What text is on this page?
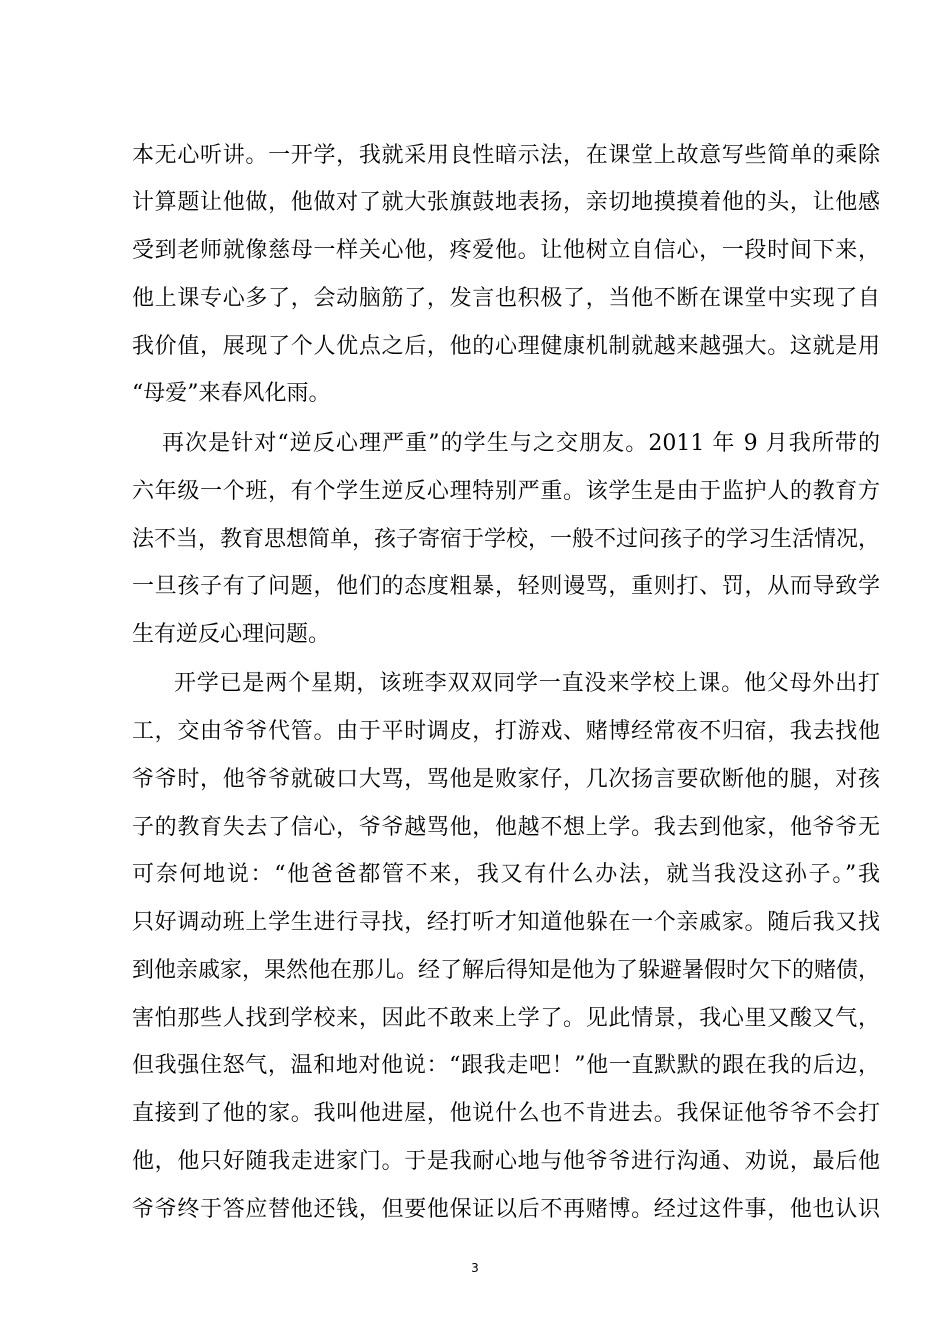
本无心听讲。一开学，我就采用良性暗示法，在课堂上故意写些简单的乘除
计算题让他做，他做对了就大张旗鼓地表扬，亲切地摸摸着他的头，让他感
受到老师就像慈母一样关心他，疼爱他。让他树立自信心，一段时间下来，
他上课专心多了，会动脑筋了，发言也积极了，当他不断在课堂中实现了自
我价值，展现了个人优点之后，他的心理健康机制就越来越强大。这就是用
“母爱”来春风化雨。
再次是针对“逆反心理严重”的学生与之交朋友。2011 年 9 月我所带的
六年级一个班，有个学生逆反心理特别严重。该学生是由于监护人的教育方
法不当，教育思想简单，孩子寄宿于学校，一般不过问孩子的学习生活情况，
一旦孩子有了问题，他们的态度粗暴，轻则谩骂，重则打、罚，从而导致学
生有逆反心理问题。
开学已是两个星期，该班李双双同学一直没来学校上课。他父母外出打
工，交由爷爷代管。由于平时调皮，打游戏、赌博经常夜不归宿，我去找他
爷爷时，他爷爷就破口大骂，骂他是败家仔，几次扬言要砍断他的腿，对孩
子的教育失去了信心，爷爷越骂他，他越不想上学。我去到他家，他爷爷无
可奈何地说：“他爸爸都管不来，我又有什么办法，就当我没这孙子。”我
只好调动班上学生进行寻找，经打听才知道他躲在一个亲戚家。随后我又找
到他亲戚家，果然他在那儿。经了解后得知是他为了躲避暑假时欠下的赌债，
害怕那些人找到学校来，因此不敢来上学了。见此情景，我心里又酸又气，
但我强住怒气，温和地对他说：“跟我走吧！”他一直默默的跟在我的后边，
直接到了他的家。我叫他进屋，他说什么也不肯进去。我保证他爷爷不会打
他，他只好随我走进家门。于是我耐心地与他爷爷进行沟通、劝说，最后他
爷爷终于答应替他还钱，但要他保证以后不再赌博。经过这件事，他也认识
3
